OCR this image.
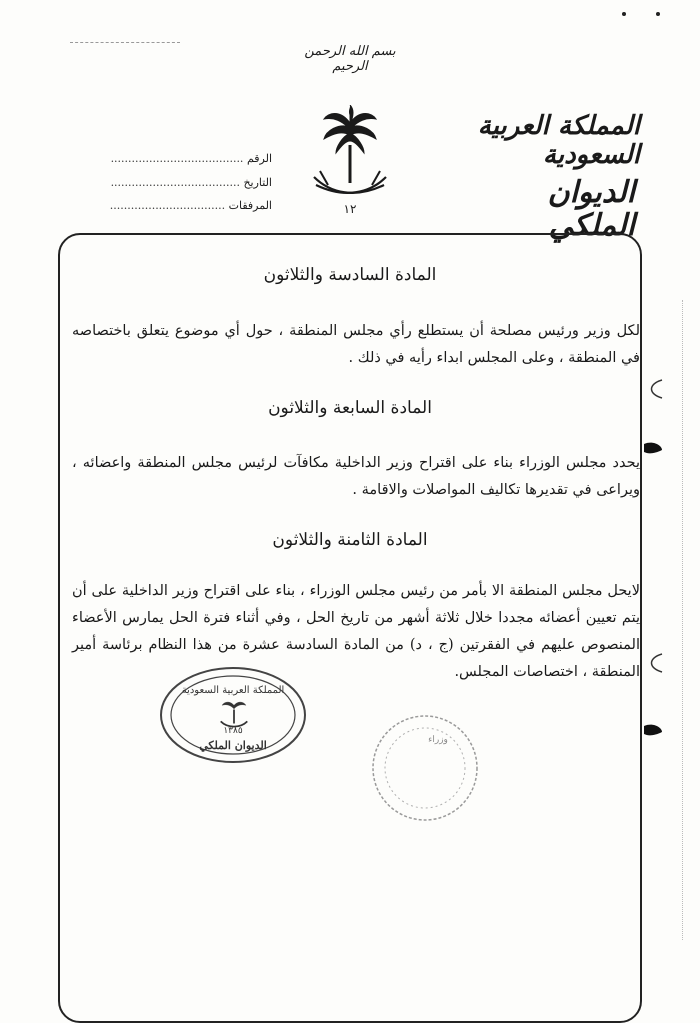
بسم الله الرحمن الرحيم
المملكة العربية السعودية
الديوان الملكي
١٢
الرقم ......................................
التاريخ .....................................
المرفقات .................................
المادة السادسة والثلاثون
لكل وزير ورئيس مصلحة أن يستطلع رأي مجلس المنطقة ، حول أي موضوع يتعلق باختصاصه في المنطقة ، وعلى المجلس ابداء رأيه في ذلك .
المادة السابعة والثلاثون
يحدد مجلس الوزراء بناء على اقتراح وزير الداخلية مكافآت لرئيس مجلس المنطقة واعضائه ، ويراعى في تقديرها تكاليف المواصلات والاقامة .
المادة الثامنة والثلاثون
لايحل مجلس المنطقة الا بأمر من رئيس مجلس الوزراء ، بناء على اقتراح وزير الداخلية على أن يتم تعيين أعضائه مجددا خلال ثلاثة أشهر من تاريخ الحل ، وفي أثناء فترة الحل يمارس الأعضاء المنصوص عليهم في الفقرتين (ج ، د) من المادة السادسة عشرة من هذا النظام برئاسة أمير المنطقة ، اختصاصات المجلس.
المملكة العربية السعودية
١٣٨٥
الديوان الملكي	وزراء
